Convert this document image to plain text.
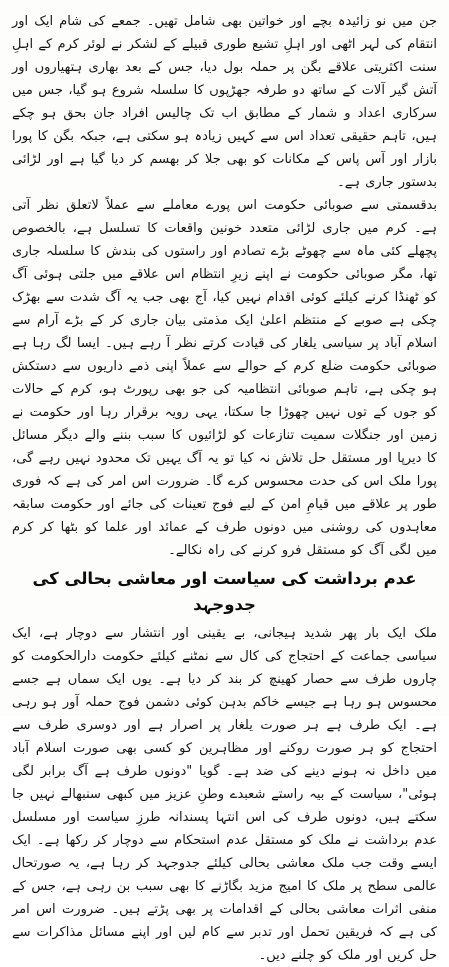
جن میں نو زائیدہ بچے اور خواتین بھی شامل تھیں۔ جمعے کی شام ایک اور انتقام کی لہر اٹھی اور اہلِ تشیع طوری قبیلے کے لشکر نے لوئر کرم کے اہلِ سنت اکثریتی علاقے بگن پر حملہ بول دیا، جس کے بعد بھاری ہتھیاروں اور آتش گیر آلات کے ساتھ دو طرفہ جھڑپوں کا سلسلہ شروع ہو گیا، جس میں سرکاری اعداد و شمار کے مطابق اب تک چالیس افراد جان بحق ہو چکے ہیں، تاہم حقیقی تعداد اس سے کہیں زیادہ ہو سکتی ہے، جبکہ بگن کا پورا بازار اور آس پاس کے مکانات کو بھی جلا کر بھسم کر دیا گیا ہے اور لڑائی بدستور جاری ہے۔

بدقسمتی سے صوبائی حکومت اس پورے معاملے سے عملاً لاتعلق نظر آتی ہے۔ کرم میں جاری لڑائی متعدد خونین واقعات کا تسلسل ہے، بالخصوص پچھلے کئی ماہ سے چھوٹے بڑے تصادم اور راستوں کی بندش کا سلسلہ جاری تھا، مگر صوبائی حکومت نے اپنے زیرِ انتظام اس علاقے میں جلتی ہوئی آگ کو ٹھنڈا کرنے کیلئے کوئی اقدام نہیں کیا، آج بھی جب یہ آگ شدت سے بھڑک چکی ہے صوبے کے منتظم اعلیٰ ایک مذمتی بیان جاری کر کے بڑے آرام سے اسلام آباد پر سیاسی یلغار کی قیادت کرتے نظر آ رہے ہیں۔ ایسا لگ رہا ہے صوبائی حکومت ضلع کرم کے حوالے سے عملاً اپنی ذمے داریوں سے دستکش ہو چکی ہے، تاہم صوبائی انتظامیہ کی جو بھی رپورٹ ہو، کرم کے حالات کو جوں کے توں نہیں چھوڑا جا سکتا، یہی رویہ برقرار رہا اور حکومت نے زمین اور جنگلات سمیت تنازعات کو لڑائیوں کا سبب بننے والے دیگر مسائل کا دیرپا اور مستقل حل تلاش نہ کیا تو یہ آگ یہیں تک محدود نہیں رہے گی، پورا ملک اس کی حدت محسوس کرے گا۔ ضرورت اس امر کی ہے کہ فوری طور پر علاقے میں قیامِ امن کے لیے فوج تعینات کی جائے اور حکومت سابقہ معاہدوں کی روشنی میں دونوں طرف کے عمائد اور علما کو بٹھا کر کرم میں لگی آگ کو مستقل فرو کرنے کی راہ نکالے۔

عدم برداشت کی سیاست اور معاشی بحالی کی جدوجہد

ملک ایک بار پھر شدید ہیجانی، بے یقینی اور انتشار سے دوچار ہے، ایک سیاسی جماعت کے احتجاج کی کال سے نمٹنے کیلئے حکومت دارالحکومت کو چاروں طرف سے حصار کھینچ کر بند کر دیا ہے۔ یوں ایک سماں ہے جسے محسوس ہو رہا ہے جیسے خاکم بدہن کوئی دشمن فوج حملہ آور ہو رہی ہے۔ ایک طرف ہے ہر صورت یلغار پر اصرار ہے اور دوسری طرف سے احتجاج کو ہر صورت روکنے اور مظاہرین کو کسی بھی صورت اسلام آباد میں داخل نہ ہونے دینے کی ضد ہے۔ گویا "دونوں طرف ہے آگ برابر لگی ہوئی"، سیاست کے بیہ راستے شعبدے وطنِ عزیز میں کبھی سنبھالے نہیں جا سکتے ہیں، دونوں طرف کی اس انتہا پسندانہ طرزِ سیاست اور مسلسل عدم برداشت نے ملک کو مستقل عدم استحکام سے دوچار کر رکھا ہے۔ ایک ایسے وقت جب ملک معاشی بحالی کیلئے جدوجہد کر رہا ہے، یہ صورتحال عالمی سطح پر ملک کا امیج مزید بگاڑنے کا بھی سبب بن رہی ہے، جس کے منفی اثرات معاشی بحالی کے اقدامات پر بھی پڑتے ہیں۔ ضرورت اس امر کی ہے کہ فریقین تحمل اور تدبر سے کام لیں اور اپنے مسائل مذاکرات سے حل کریں اور ملک کو چلنے دیں۔
